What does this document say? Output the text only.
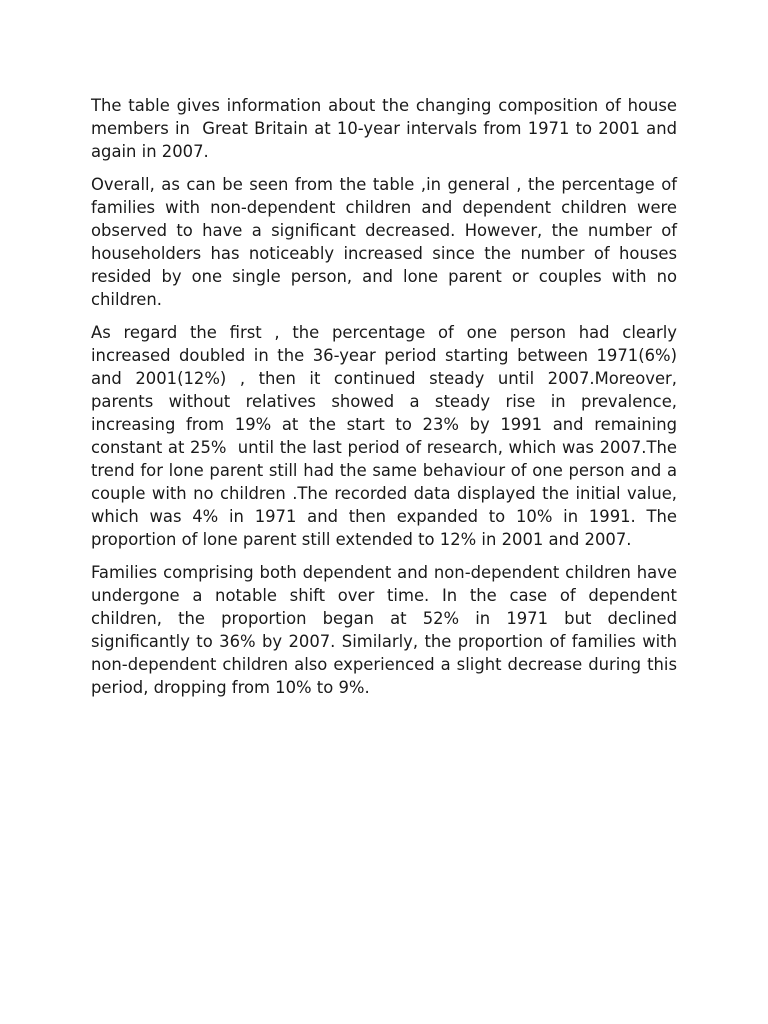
The table gives information about the changing composition of house members in  Great Britain at 10-year intervals from 1971 to 2001 and again in 2007.

Overall, as can be seen from the table ,in general , the percentage of families with non-dependent children and dependent children were observed to have a significant decreased. However, the number of householders has noticeably increased since the number of houses resided by one single person, and lone parent or couples with no children.

As regard the first , the percentage of one person had clearly increased doubled in the 36-year period starting between 1971(6%) and 2001(12%) , then it continued steady until 2007.Moreover, parents without relatives showed a steady rise in prevalence, increasing from 19% at the start to 23% by 1991 and remaining constant at 25%  until the last period of research, which was 2007.The trend for lone parent still had the same behaviour of one person and a couple with no children .The recorded data displayed the initial value, which was 4% in 1971 and then expanded to 10% in 1991. The proportion of lone parent still extended to 12% in 2001 and 2007.

Families comprising both dependent and non-dependent children have undergone a notable shift over time. In the case of dependent children, the proportion began at 52% in 1971 but declined significantly to 36% by 2007. Similarly, the proportion of families with non-dependent children also experienced a slight decrease during this period, dropping from 10% to 9%.
